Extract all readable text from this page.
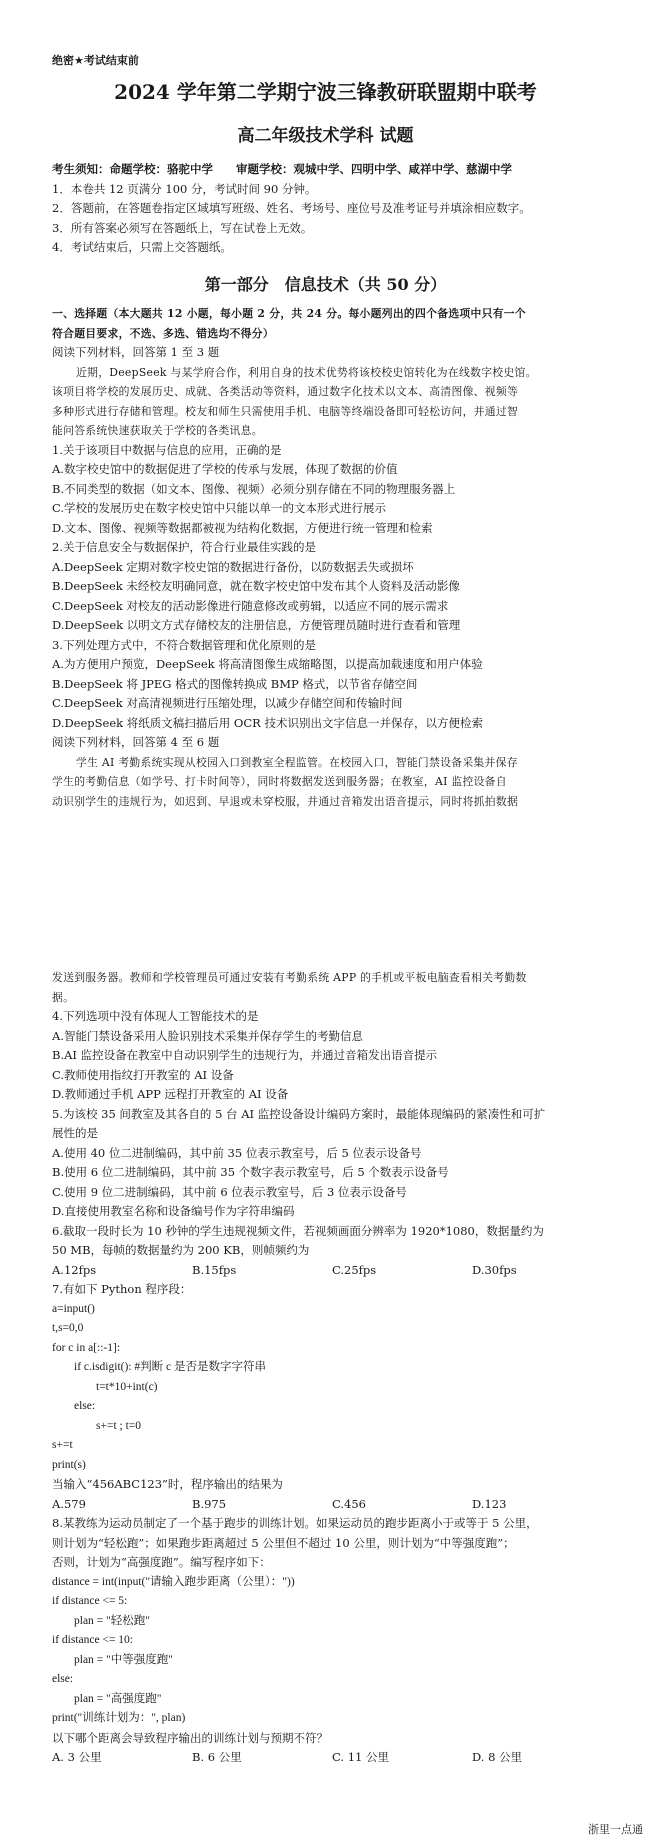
绝密★考试结束前
2024 学年第二学期宁波三锋教研联盟期中联考
高二年级技术学科 试题
考生须知：命题学校：骆驼中学　　审题学校：观城中学、四明中学、咸祥中学、慈湖中学
1．本卷共 12 页满分 100 分，考试时间 90 分钟。
2．答题前，在答题卷指定区域填写班级、姓名、考场号、座位号及准考证号并填涂相应数字。
3．所有答案必须写在答题纸上，写在试卷上无效。
4．考试结束后，只需上交答题纸。
第一部分　信息技术（共 50 分）
一、选择题（本大题共 12 小题，每小题 2 分，共 24 分。每小题列出的四个备选项中只有一个
符合题目要求，不选、多选、错选均不得分）
阅读下列材料，回答第 1 至 3 题
近期，DeepSeek 与某学府合作，利用自身的技术优势将该校校史馆转化为在线数字校史馆。
该项目将学校的发展历史、成就、各类活动等资料，通过数字化技术以文本、高清图像、视频等
多种形式进行存储和管理。校友和师生只需使用手机、电脑等终端设备即可轻松访问，并通过智
能问答系统快速获取关于学校的各类讯息。
1.关于该项目中数据与信息的应用，正确的是
A.数字校史馆中的数据促进了学校的传承与发展，体现了数据的价值
B.不同类型的数据（如文本、图像、视频）必须分别存储在不同的物理服务器上
C.学校的发展历史在数字校史馆中只能以单一的文本形式进行展示
D.文本、图像、视频等数据都被视为结构化数据，方便进行统一管理和检索
2.关于信息安全与数据保护，符合行业最佳实践的是
A.DeepSeek 定期对数字校史馆的数据进行备份，以防数据丢失或损坏
B.DeepSeek 未经校友明确同意，就在数字校史馆中发布其个人资料及活动影像
C.DeepSeek 对校友的活动影像进行随意修改或剪辑，以适应不同的展示需求
D.DeepSeek 以明文方式存储校友的注册信息，方便管理员随时进行查看和管理
3.下列处理方式中，不符合数据管理和优化原则的是
A.为方便用户预览，DeepSeek 将高清图像生成缩略图，以提高加载速度和用户体验
B.DeepSeek 将 JPEG 格式的图像转换成 BMP 格式，以节省存储空间
C.DeepSeek 对高清视频进行压缩处理，以减少存储空间和传输时间
D.DeepSeek 将纸质文稿扫描后用 OCR 技术识别出文字信息一并保存，以方便检索
阅读下列材料，回答第 4 至 6 题
学生 AI 考勤系统实现从校园入口到教室全程监管。在校园入口，智能门禁设备采集并保存
学生的考勤信息（如学号、打卡时间等），同时将数据发送到服务器；在教室，AI 监控设备自
动识别学生的违规行为，如迟到、早退或未穿校服，并通过音箱发出语音提示，同时将抓拍数据
发送到服务器。教师和学校管理员可通过安装有考勤系统 APP 的手机或平板电脑查看相关考勤数
据。
4.下列选项中没有体现人工智能技术的是
A.智能门禁设备采用人脸识别技术采集并保存学生的考勤信息
B.AI 监控设备在教室中自动识别学生的违规行为，并通过音箱发出语音提示
C.教师使用指纹打开教室的 AI 设备
D.教师通过手机 APP 远程打开教室的 AI 设备
5.为该校 35 间教室及其各自的 5 台 AI 监控设备设计编码方案时，最能体现编码的紧凑性和可扩
展性的是
A.使用 40 位二进制编码，其中前 35 位表示教室号，后 5 位表示设备号
B.使用 6 位二进制编码，其中前 35 个数字表示教室号，后 5 个数表示设备号
C.使用 9 位二进制编码，其中前 6 位表示教室号，后 3 位表示设备号
D.直接使用教室名称和设备编号作为字符串编码
6.截取一段时长为 10 秒钟的学生违规视频文件，若视频画面分辨率为 1920*1080，数据量约为
50 MB，每帧的数据量约为 200 KB，则帧频约为
A.12fps	B.15fps	C.25fps	D.30fps
7.有如下 Python 程序段：
a=input()
t,s=0,0
for c in a[::-1]:
if c.isdigit(): #判断 c 是否是数字字符串
t=t*10+int(c)
else:
s+=t ; t=0
s+=t
print(s)
当输入“456ABC123”时，程序输出的结果为
A.579	B.975	C.456	D.123
8.某教练为运动员制定了一个基于跑步的训练计划。如果运动员的跑步距离小于或等于 5 公里，
则计划为“轻松跑”；如果跑步距离超过 5 公里但不超过 10 公里，则计划为“中等强度跑”；
否则，计划为“高强度跑”。编写程序如下：
distance = int(input("请输入跑步距离（公里）："))
if distance <= 5:
plan = "轻松跑"
if distance <= 10:
plan = "中等强度跑"
else:
plan = "高强度跑"
print("训练计划为：", plan)
以下哪个距离会导致程序输出的训练计划与预期不符？
A. 3 公里	B. 6 公里	C. 11 公里	D. 8 公里
浙里一点通
